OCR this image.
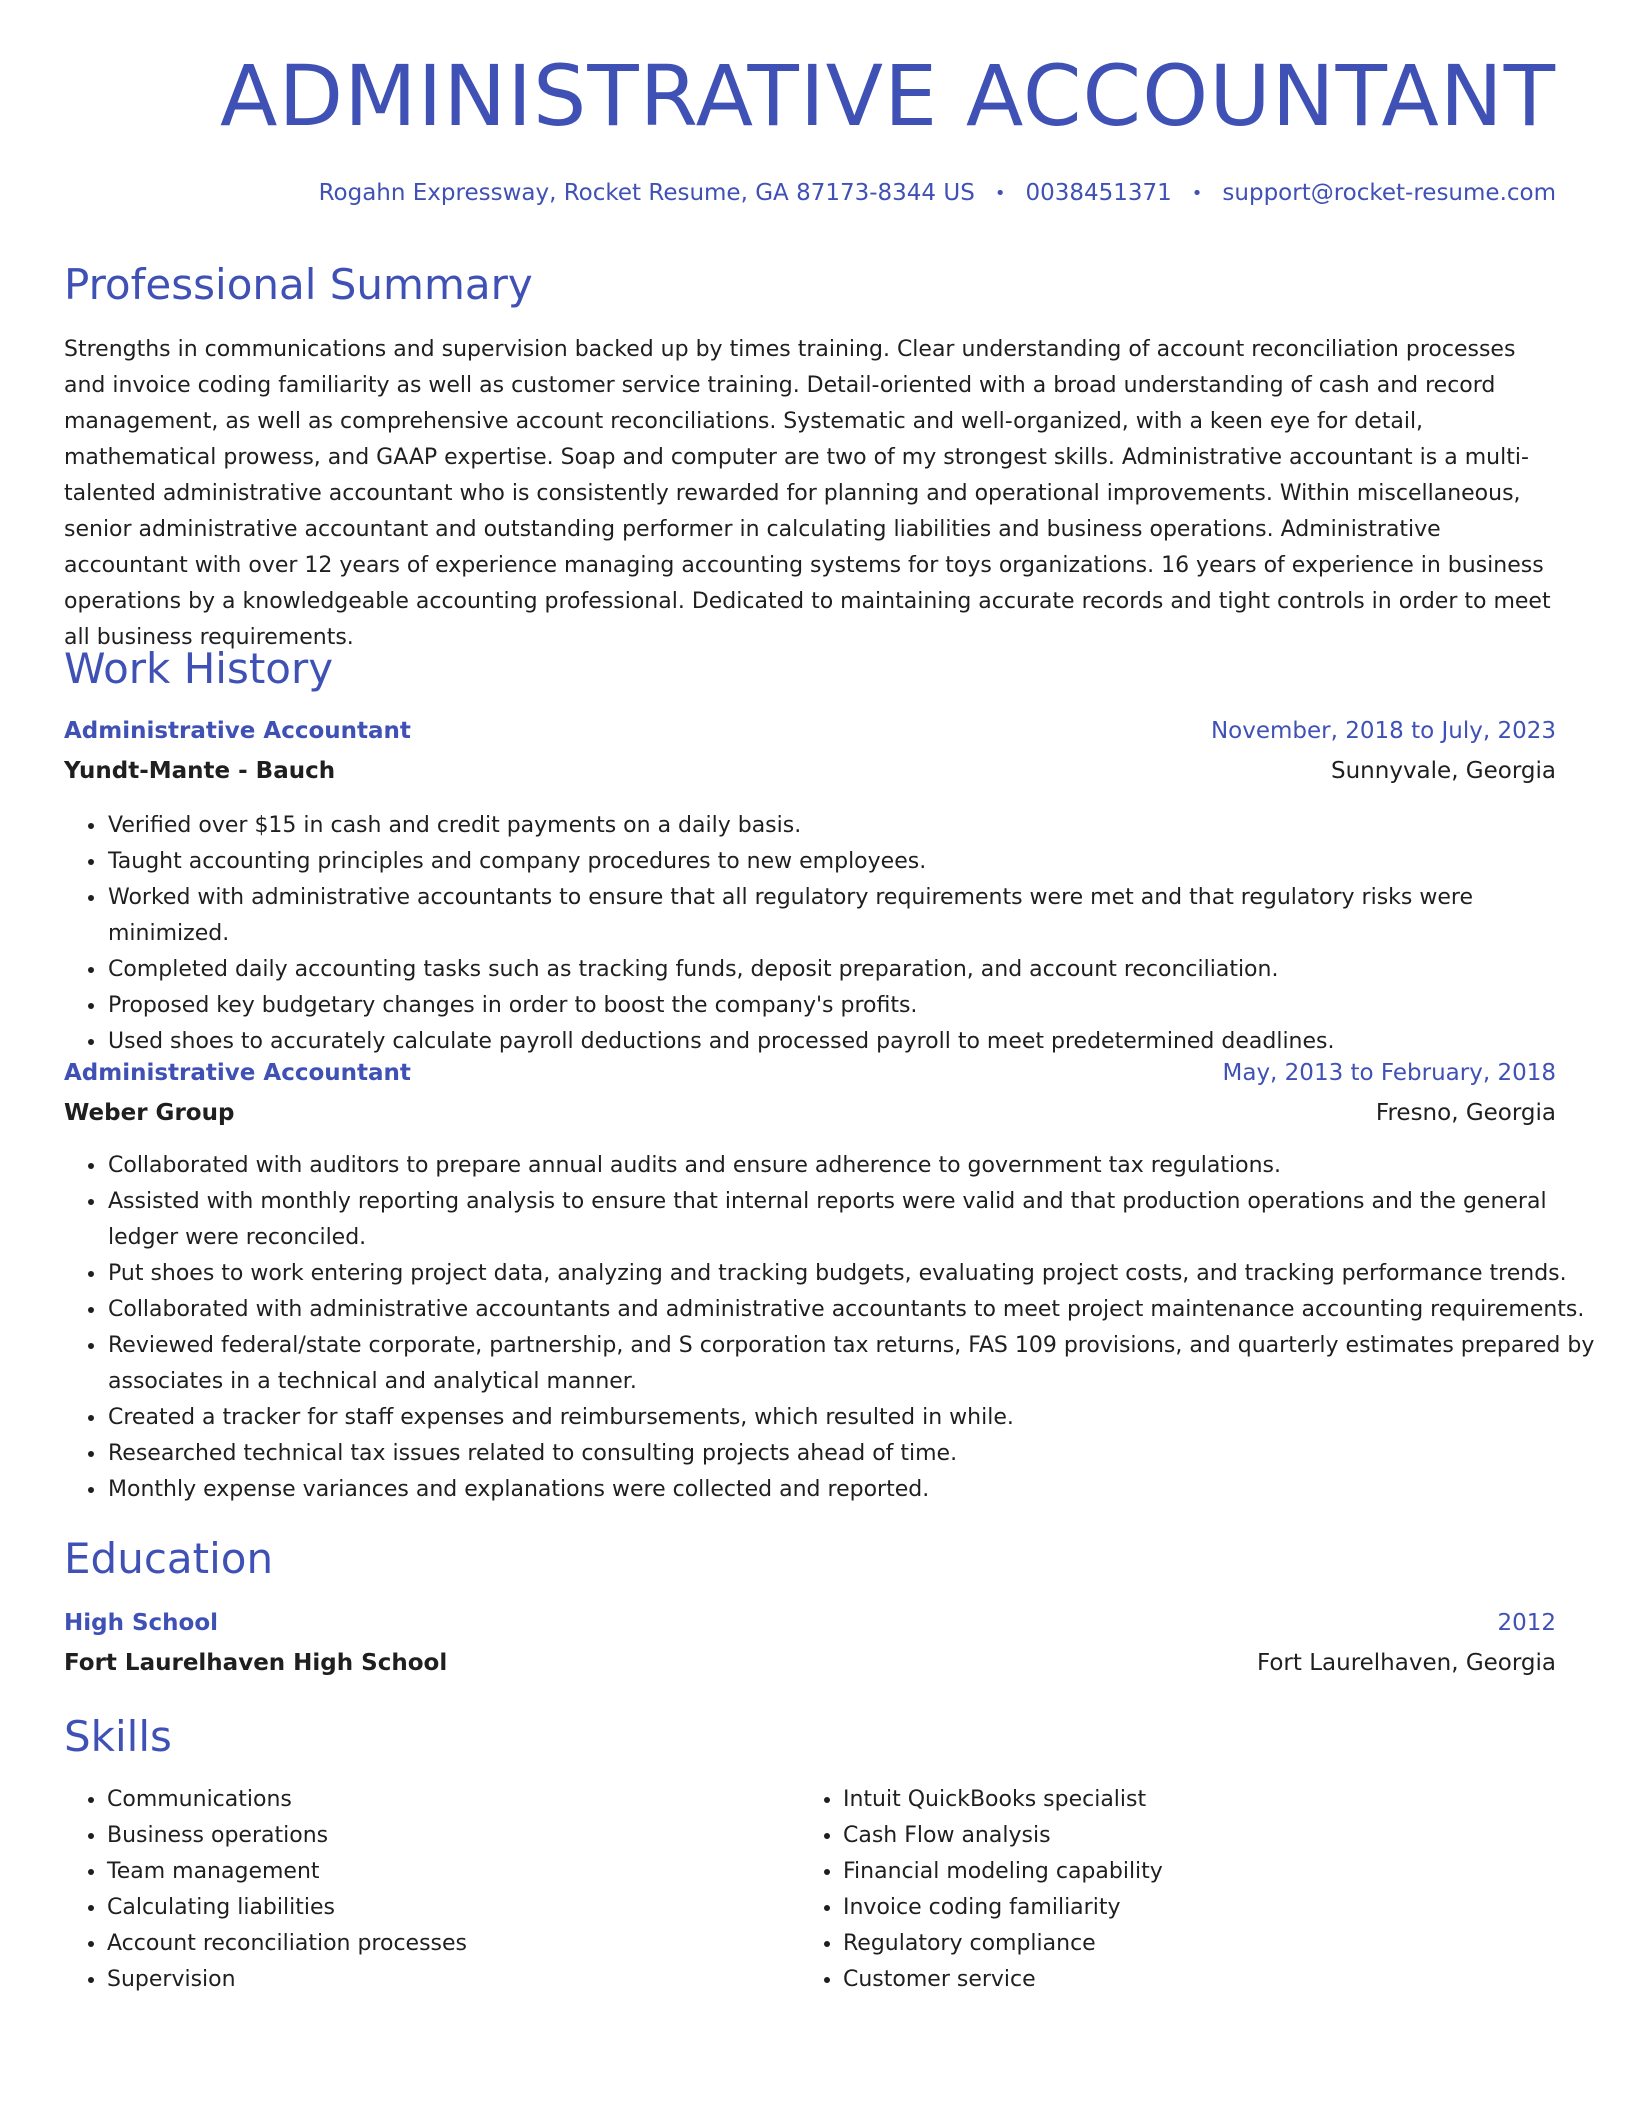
ADMINISTRATIVE ACCOUNTANT
Rogahn Expressway, Rocket Resume, GA 87173-8344 US • 0038451371 • support@rocket-resume.com
Professional Summary

Strengths in communications and supervision backed up by times training. Clear understanding of account reconciliation processes and invoice coding familiarity as well as customer service training. Detail-oriented with a broad understanding of cash and record management, as well as comprehensive account reconciliations. Systematic and well-organized, with a keen eye for detail, mathematical prowess, and GAAP expertise. Soap and computer are two of my strongest skills. Administrative accountant is a multi-talented administrative accountant who is consistently rewarded for planning and operational improvements. Within miscellaneous, senior administrative accountant and outstanding performer in calculating liabilities and business operations. Administrative accountant with over 12 years of experience managing accounting systems for toys organizations. 16 years of experience in business operations by a knowledgeable accounting professional. Dedicated to maintaining accurate records and tight controls in order to meet all business requirements.

Work History
Administrative Accountant	November, 2018 to July, 2023
Yundt-Mante - Bauch	Sunnyvale, Georgia
• Verified over $15 in cash and credit payments on a daily basis.
• Taught accounting principles and company procedures to new employees.
• Worked with administrative accountants to ensure that all regulatory requirements were met and that regulatory risks were minimized.
• Completed daily accounting tasks such as tracking funds, deposit preparation, and account reconciliation.
• Proposed key budgetary changes in order to boost the company's profits.
• Used shoes to accurately calculate payroll deductions and processed payroll to meet predetermined deadlines.
Administrative Accountant	May, 2013 to February, 2018
Weber Group	Fresno, Georgia
• Collaborated with auditors to prepare annual audits and ensure adherence to government tax regulations.
• Assisted with monthly reporting analysis to ensure that internal reports were valid and that production operations and the general ledger were reconciled.
• Put shoes to work entering project data, analyzing and tracking budgets, evaluating project costs, and tracking performance trends.
• Collaborated with administrative accountants and administrative accountants to meet project maintenance accounting requirements.
• Reviewed federal/state corporate, partnership, and S corporation tax returns, FAS 109 provisions, and quarterly estimates prepared by associates in a technical and analytical manner.
• Created a tracker for staff expenses and reimbursements, which resulted in while.
• Researched technical tax issues related to consulting projects ahead of time.
• Monthly expense variances and explanations were collected and reported.
Education
High School	2012
Fort Laurelhaven High School	Fort Laurelhaven, Georgia
Skills
• Communications
• Business operations
• Team management
• Calculating liabilities
• Account reconciliation processes
• Supervision
• Intuit QuickBooks specialist
• Cash Flow analysis
• Financial modeling capability
• Invoice coding familiarity
• Regulatory compliance
• Customer service
